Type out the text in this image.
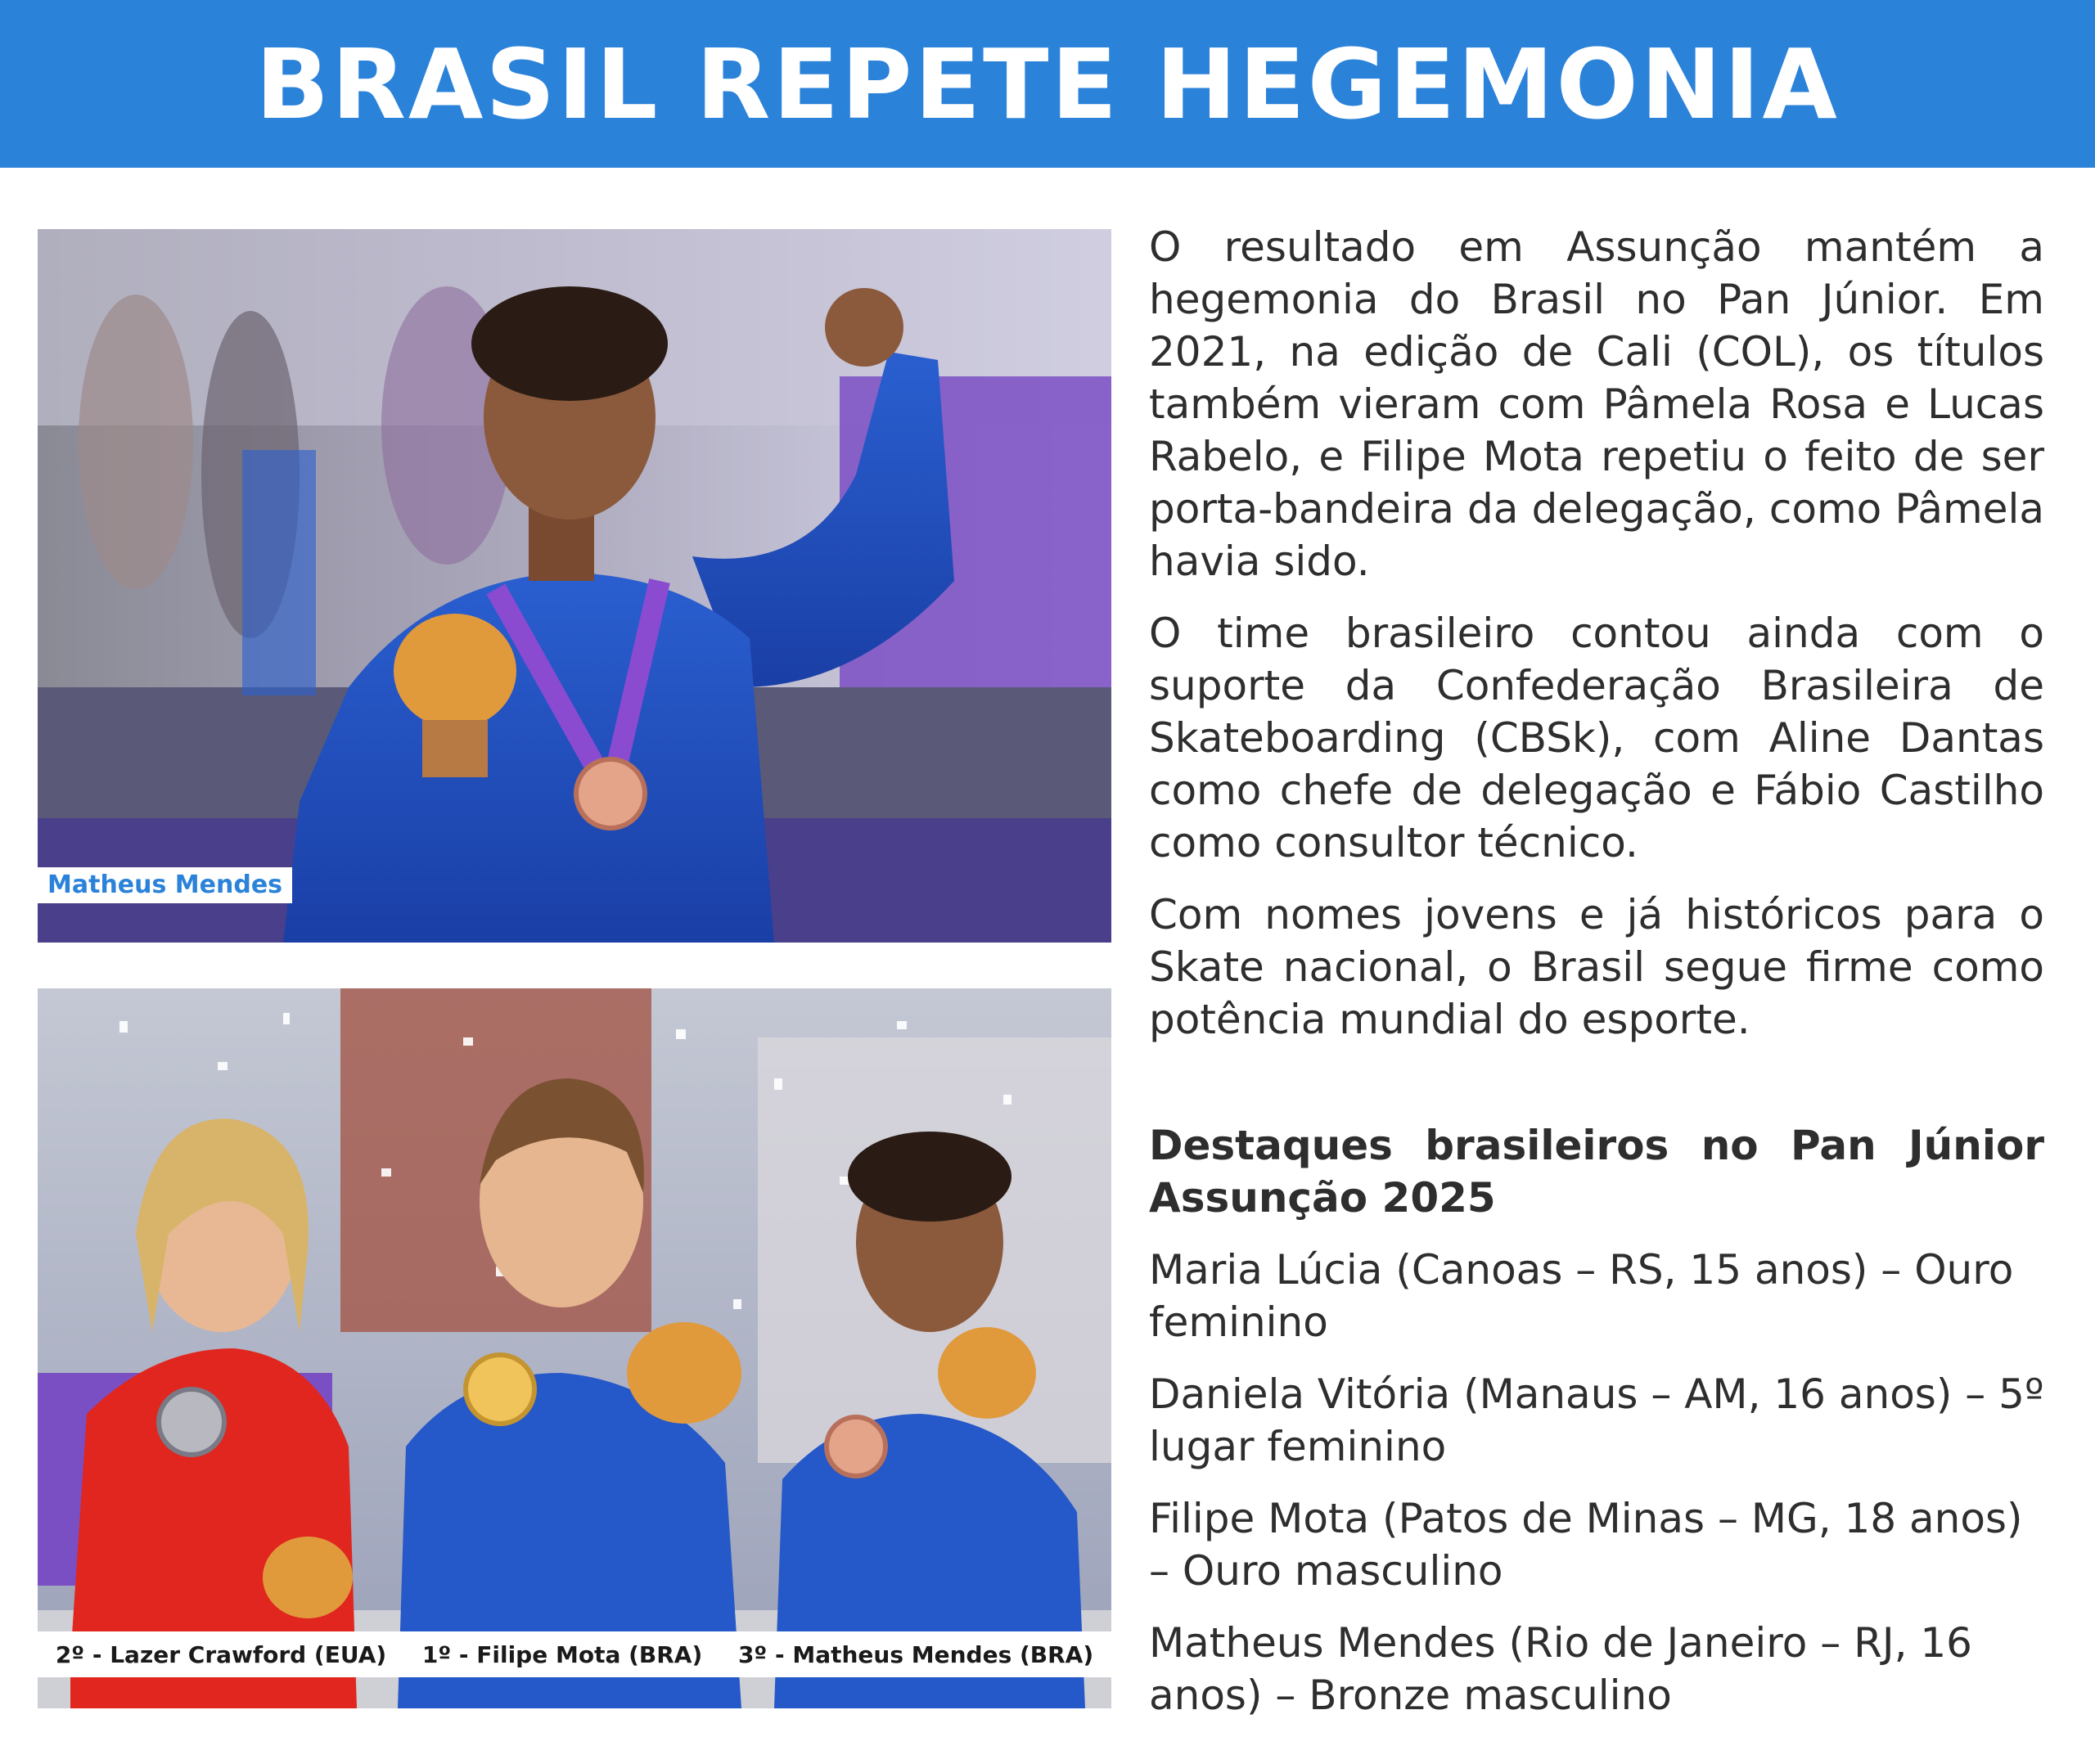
BRASIL REPETE HEGEMONIA
Matheus Mendes
2º - Lazer Crawford (EUA) 1º - Filipe Mota (BRA) 3º - Matheus Mendes (BRA)

O resultado em Assunção mantém a hegemonia do Brasil no Pan Júnior. Em 2021, na edição de Cali (COL), os títulos também vieram com Pâmela Rosa e Lucas Rabelo, e Filipe Mota repetiu o feito de ser porta-bandeira da delegação, como Pâmela havia sido.

O time brasileiro contou ainda com o suporte da Confederação Brasileira de Skateboarding (CBSk), com Aline Dantas como chefe de delegação e Fábio Castilho como consultor técnico.

Com nomes jovens e já históricos para o Skate nacional, o Brasil segue firme como potência mundial do esporte.

Destaques brasileiros no Pan Júnior Assunção 2025

Maria Lúcia (Canoas – RS, 15 anos) – Ouro feminino

Daniela Vitória (Manaus – AM, 16 anos) – 5º lugar feminino

Filipe Mota (Patos de Minas – MG, 18 anos) – Ouro masculino

Matheus Mendes (Rio de Janeiro – RJ, 16 anos) – Bronze masculino
